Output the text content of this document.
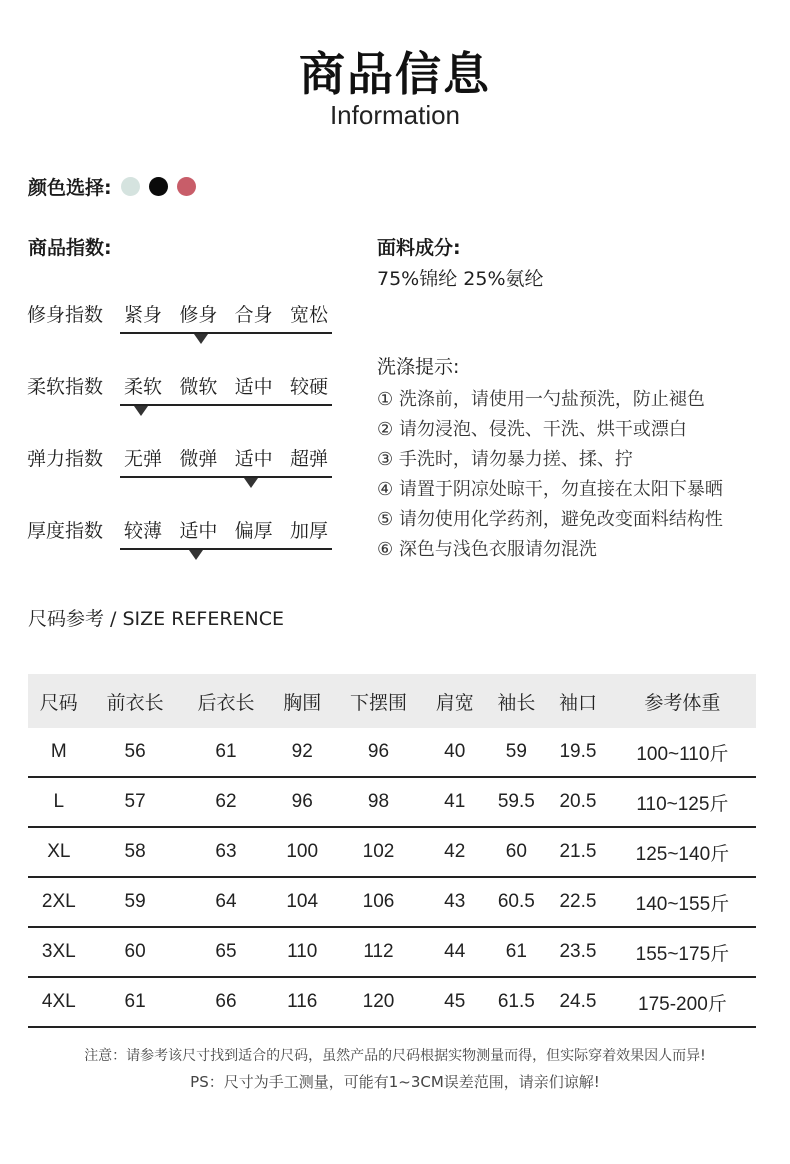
商品信息
Information
颜色选择:
商品指数:
修身指数	紧身 修身 合身 宽松
柔软指数	柔软 微软 适中 较硬
弹力指数	无弹 微弹 适中 超弹
厚度指数	较薄 适中 偏厚 加厚
面料成分:
75%锦纶 25%氨纶
洗涤提示:
① 洗涤前，请使用一勺盐预洗，防止褪色
② 请勿浸泡、侵洗、干洗、烘干或漂白
③ 手洗时，请勿暴力搓、揉、拧
④ 请置于阴凉处晾干，勿直接在太阳下暴晒
⑤ 请勿使用化学药剂，避免改变面料结构性
⑥ 深色与浅色衣服请勿混洗
尺码参考 / SIZE REFERENCE
尺码	前衣长	后衣长	胸围	下摆围	肩宽	袖长	袖口	参考体重
M	56	61	92	96	40	59	19.5	100~110斤
L	57	62	96	98	41	59.5	20.5	110~125斤
XL	58	63	100	102	42	60	21.5	125~140斤
2XL	59	64	104	106	43	60.5	22.5	140~155斤
3XL	60	65	110	112	44	61	23.5	155~175斤
4XL	61	66	116	120	45	61.5	24.5	175-200斤
注意：请参考该尺寸找到适合的尺码，虽然产品的尺码根据实物测量而得，但实际穿着效果因人而异!
PS：尺寸为手工测量，可能有1~3CM误差范围，请亲们谅解!
